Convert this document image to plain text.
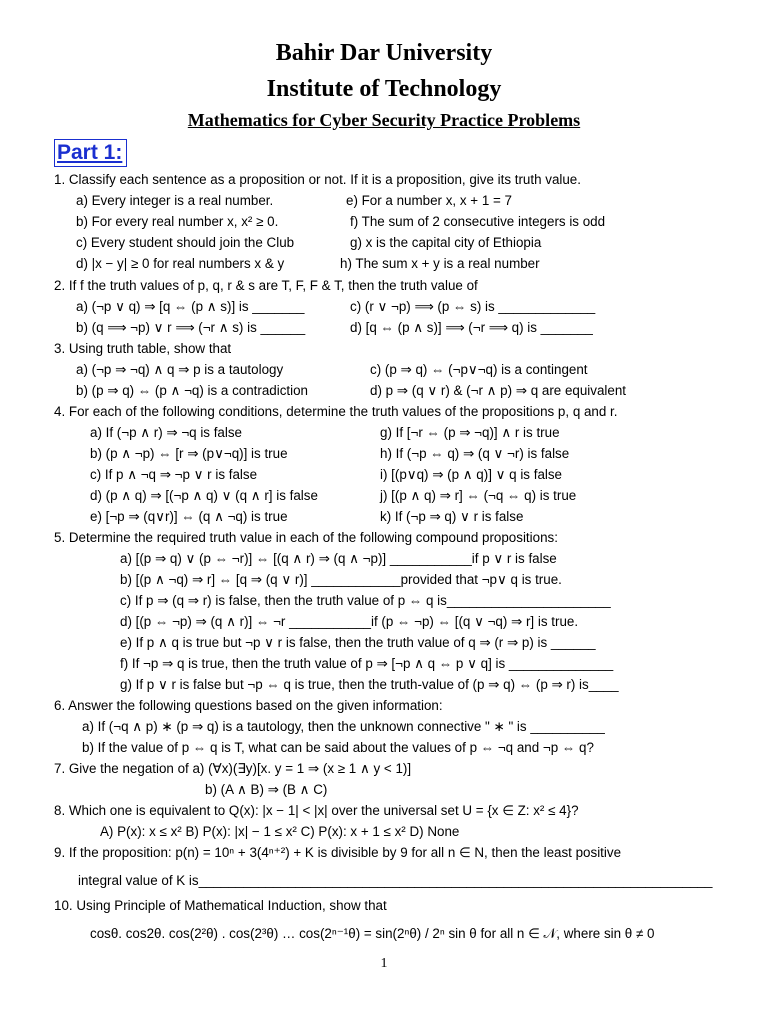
Bahir Dar University
Institute of Technology
Mathematics for Cyber Security Practice Problems
Part 1:
1. Classify each sentence as a proposition or not. If it is a proposition, give its truth value.
a) Every integer is a real number.	e) For a number x, x + 1 = 7
b) For every real number x, x² ≥ 0.	f) The sum of 2 consecutive integers is odd
c) Every student should join the Club	g) x is the capital city of Ethiopia
d) |x − y| ≥ 0 for real numbers x & y	h) The sum x + y is a real number
2. If f the truth values of p, q, r & s are T, F, F & T, then the truth value of
a) (¬p ∨ q) ⇒ [q ⇔ (p ∧ s)] is _______	c) (r ∨ ¬p) ⟹ (p ⇔ s) is _____________
b) (q ⟹ ¬p) ∨ r ⟹ (¬r ∧ s) is ______	d) [q ⇔ (p ∧ s)] ⟹ (¬r ⟹ q) is _______
3. Using truth table, show that
a) (¬p ⇒ ¬q) ∧ q ⇒ p is a tautology	c) (p ⇒ q) ⇔ (¬p∨¬q) is a contingent
b) (p ⇒ q) ⇔ (p ∧ ¬q) is a contradiction	d) p ⇒ (q ∨ r) & (¬r ∧ p) ⇒ q are equivalent
4. For each of the following conditions, determine the truth values of the propositions p, q and r.
a) If (¬p ∧ r) ⇒ ¬q is false	g) If [¬r ⇔ (p ⇒ ¬q)] ∧ r is true
b) (p ∧ ¬p) ⇔ [r ⇒ (p∨¬q)] is true	h) If (¬p ⇔ q) ⇒ (q ∨ ¬r) is false
c) If p ∧ ¬q ⇒ ¬p ∨ r is false	i) [(p∨q) ⇒ (p ∧ q)] ∨ q is false
d) (p ∧ q) ⇒ [(¬p ∧ q) ∨ (q ∧ r] is false	j) [(p ∧ q) ⇒ r] ⇔ (¬q ⇔ q) is true
e) [¬p ⇒ (q∨r)] ⇔ (q ∧ ¬q) is true	k) If (¬p ⇒ q) ∨ r is false
5. Determine the required truth value in each of the following compound propositions:
a) [(p ⇒ q) ∨ (p ⇔ ¬r)] ⇔ [(q ∧ r) ⇒ (q ∧ ¬p)] ___________if p ∨ r is false
b) [(p ∧ ¬q) ⇒ r] ⇔ [q ⇒ (q ∨ r)] ____________provided that ¬p∨ q is true.
c) If p ⇒ (q ⇒ r) is false, then the truth value of p ⇔ q is______________________
d) [(p ⇔ ¬p) ⇒ (q ∧ r)] ⇔ ¬r ___________if (p ⇔ ¬p) ⇔ [(q ∨ ¬q) ⇒ r] is true.
e) If p ∧ q is true but ¬p ∨ r is false, then the truth value of q ⇒ (r ⇒ p) is ______
f) If ¬p ⇒ q is true, then the truth value of p ⇒ [¬p ∧ q ⇔ p ∨ q] is ______________
g) If p ∨ r is false but ¬p ⇔ q is true, then the truth-value of (p ⇒ q) ⇔ (p ⇒ r) is____
6. Answer the following questions based on the given information:
a) If (¬q ∧ p) ∗ (p ⇒ q) is a tautology, then the unknown connective " ∗ " is __________
b) If the value of p ⇔ q is T, what can be said about the values of p ⇔ ¬q and ¬p ⇔ q?
7. Give the negation of a) (∀x)(∃y)[x. y = 1 ⇒ (x ≥ 1 ∧ y < 1)]
b) (A ∧ B) ⇒ (B ∧ C)
8. Which one is equivalent to Q(x): |x − 1| < |x| over the universal set U = {x ∈ Z: x² ≤ 4}?
A) P(x): x ≤ x² B) P(x): |x| − 1 ≤ x² C) P(x): x + 1 ≤ x² D) None
9. If the proposition: p(n) = 10ⁿ + 3(4ⁿ⁺²) + K is divisible by 9 for all n ∈ N, then the least positive
integral value of K is_____________________________________________________________________
10. Using Principle of Mathematical Induction, show that
cosθ. cos2θ. cos(2²θ) . cos(2³θ) … cos(2ⁿ⁻¹θ) = sin(2ⁿθ) / 2ⁿ sin θ for all n ∈ 𝒩, where sin θ ≠ 0
1
